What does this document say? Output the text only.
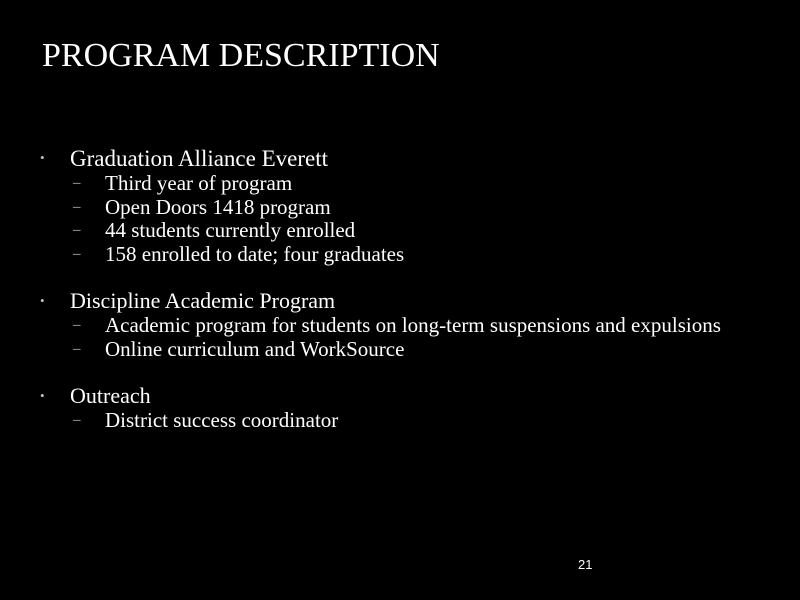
PROGRAM DESCRIPTION
• Graduation Alliance Everett
– Third year of program
– Open Doors 1418 program
– 44 students currently enrolled
– 158 enrolled to date; four graduates
• Discipline Academic Program
– Academic program for students on long-term suspensions and expulsions
– Online curriculum and WorkSource
• Outreach
– District success coordinator
21
